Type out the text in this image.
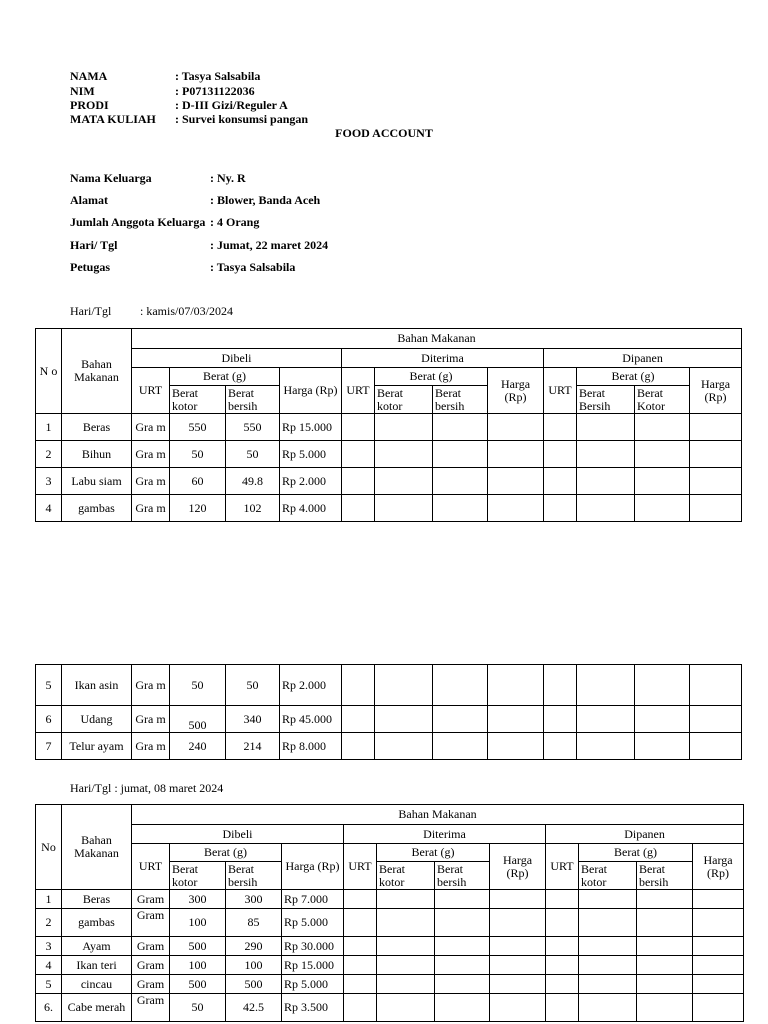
NAMA	: Tasya Salsabila
NIM	: P07131122036
PRODI	: D-III Gizi/Reguler A
MATA KULIAH : Survei konsumsi pangan
FOOD ACCOUNT
Nama Keluarga	: Ny. R
Alamat	: Blower, Banda Aceh
Jumlah Anggota Keluarga : 4 Orang
Hari/ Tgl	: Jumat, 22 maret 2024
Petugas	: Tasya Salsabila
Hari/Tgl : kamis/07/03/2024
N o	Bahan Makanan	Bahan Makanan											
		Dibeli				Diterima				Dipanen			
		URT	Berat (g)		Harga (Rp)	URT	Berat (g)		Harga (Rp)	URT	Berat (g)		Harga (Rp)
			Berat kotor	Berat bersih			Berat kotor	Berat bersih			Berat Bersih	Berat Kotor	
1	Beras	Gra m	550	550	Rp 15.000								
2	Bihun	Gra m	50	50	Rp 5.000								
3	Labu siam	Gra m	60	49.8	Rp 2.000								
4	gambas	Gra m	120	102	Rp 4.000								
5	Ikan asin	Gra m	50	50	Rp 2.000								
6	Udang	Gra m	500	340	Rp 45.000								
7	Telur ayam	Gra m	240	214	Rp 8.000								
Hari/Tgl : jumat, 08 maret 2024
No	Bahan Makanan	Bahan Makanan											
		Dibeli				Diterima				Dipanen			
		URT	Berat (g)		Harga (Rp)	URT	Berat (g)		Harga (Rp)	URT	Berat (g)		Harga (Rp)
			Berat kotor	Berat bersih			Berat kotor	Berat bersih			Berat kotor	Berat bersih	
1	Beras	Gram	300	300	Rp 7.000								
2	gambas	Gram	100	85	Rp 5.000								
3	Ayam	Gram	500	290	Rp 30.000								
4	Ikan teri	Gram	100	100	Rp 15.000								
5	cincau	Gram	500	500	Rp 5.000								
6.	Cabe merah	Gram	50	42.5	Rp 3.500								
